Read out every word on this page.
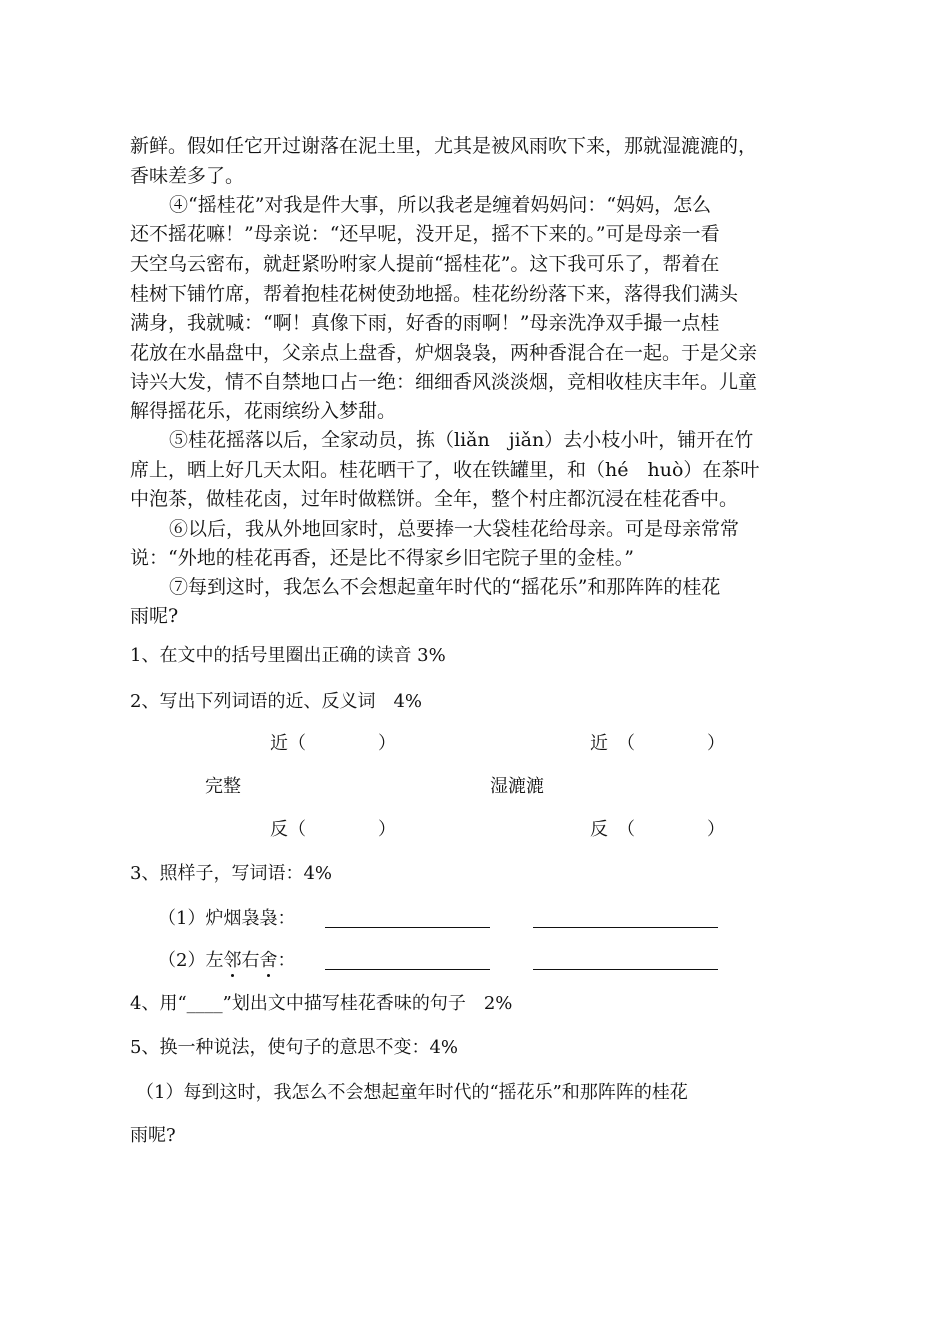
新鲜。假如任它开过谢落在泥土里，尤其是被风雨吹下来，那就湿漉漉的，
香味差多了。
④“摇桂花”对我是件大事，所以我老是缠着妈妈问：“妈妈，怎么
还不摇花嘛！”母亲说：“还早呢，没开足，摇不下来的。”可是母亲一看
天空乌云密布，就赶紧吩咐家人提前“摇桂花”。这下我可乐了，帮着在
桂树下铺竹席，帮着抱桂花树使劲地摇。桂花纷纷落下来，落得我们满头
满身，我就喊：“啊！真像下雨，好香的雨啊！”母亲洗净双手撮一点桂
花放在水晶盘中，父亲点上盘香，炉烟袅袅，两种香混合在一起。于是父亲
诗兴大发，情不自禁地口占一绝：细细香风淡淡烟，竞相收桂庆丰年。儿童
解得摇花乐，花雨缤纷入梦甜。
⑤桂花摇落以后，全家动员，拣（liǎn　jiǎn）去小枝小叶，铺开在竹
席上，晒上好几天太阳。桂花晒干了，收在铁罐里，和（hé　huò）在茶叶
中泡茶，做桂花卤，过年时做糕饼。全年，整个村庄都沉浸在桂花香中。
⑥以后，我从外地回家时，总要捧一大袋桂花给母亲。可是母亲常常
说：“外地的桂花再香，还是比不得家乡旧宅院子里的金桂。”
⑦每到这时，我怎么不会想起童年时代的“摇花乐”和那阵阵的桂花
雨呢?
1、在文中的括号里圈出正确的读音 3%
2、写出下列词语的近、反义词　4%
近（　　　　）	近　（　　　　）
完整	湿漉漉
反（　　　　）	反　（　　　　）
3、照样子，写词语：4%
（1）炉烟袅袅：
（2）左邻右舍：
4、用“____”划出文中描写桂花香味的句子　2%
5、换一种说法，使句子的意思不变：4%
（1）每到这时，我怎么不会想起童年时代的“摇花乐”和那阵阵的桂花
雨呢?
